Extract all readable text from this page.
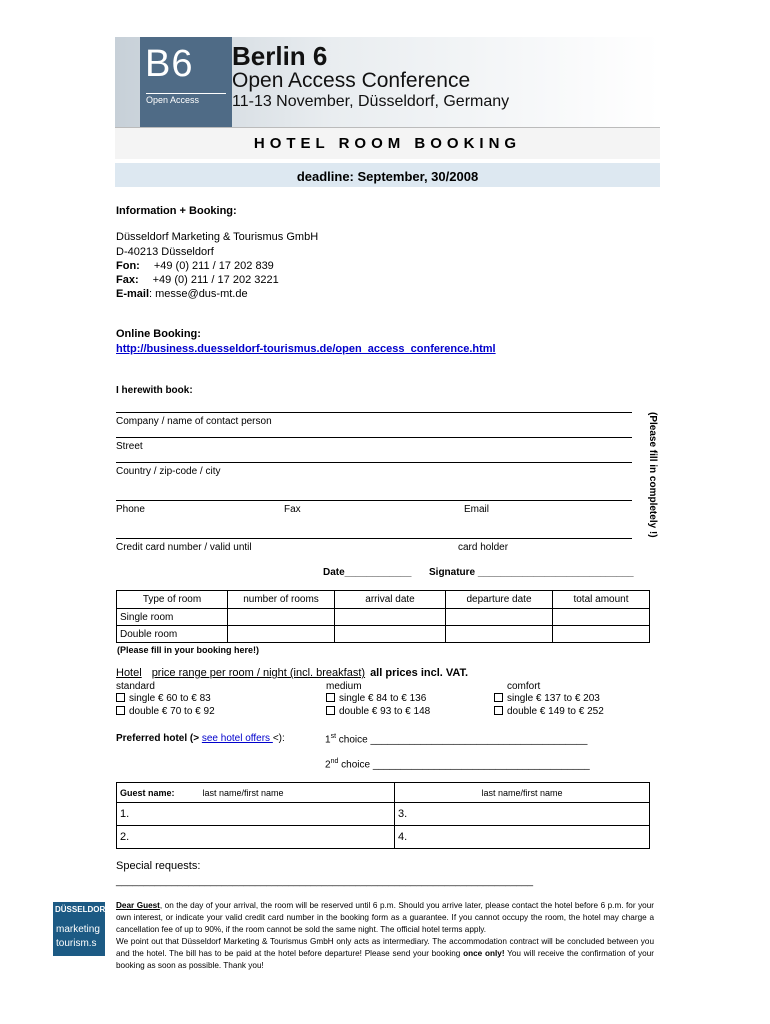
B6
Open Access
Berlin 6
Open Access Conference
11-13 November, Düsseldorf, Germany
HOTEL ROOM BOOKING
deadline: September, 30/2008
Information + Booking:
Düsseldorf Marketing & Tourismus GmbH
D-40213 Düsseldorf
Fon: +49 (0) 211 / 17 202 839
Fax: +49 (0) 211 / 17 202 3221
E-mail: messe@dus-mt.de
Online Booking:
http://business.duesseldorf-tourismus.de/open_access_conference.html
I herewith book:
Company / name of contact person
Street
Country / zip-code / city
Phone	Fax	Email
Credit card number / valid until	card holder
(Please fill in completely !)
Date____________ Signature ____________________________
Type of room	number of rooms	arrival date	departure date	total amount
Single room				
Double room				
(Please fill in your booking here!)
Hotel price range per room / night (incl. breakfast) all prices incl. VAT.
standard
single € 60 to € 83
double € 70 to € 92
medium
single € 84 to € 136
double € 93 to € 148
comfort
single € 137 to € 203
double € 149 to € 252
Preferred hotel (> see hotel offers <):	1st choice _______________________________________
2nd choice _______________________________________
Guest name: last name/first name	last name/first name
1.	3.
2.	4.
Special requests:
___________________________________________________________________________
DÜSSELDORF
marketing
tourism.s
Dear Guest, on the day of your arrival, the room will be reserved until 6 p.m. Should you arrive later, please contact the hotel before 6 p.m. for your own interest, or indicate your valid credit card number in the booking form as a guarantee. If you cannot occupy the room, the hotel may charge a cancellation fee of up to 90%, if the room cannot be sold the same night. The official hotel terms apply.
We point out that Düsseldorf Marketing & Tourismus GmbH only acts as intermediary. The accommodation contract will be concluded between you and the hotel. The bill has to be paid at the hotel before departure! Please send your booking once only! You will receive the confirmation of your booking as soon as possible. Thank you!
